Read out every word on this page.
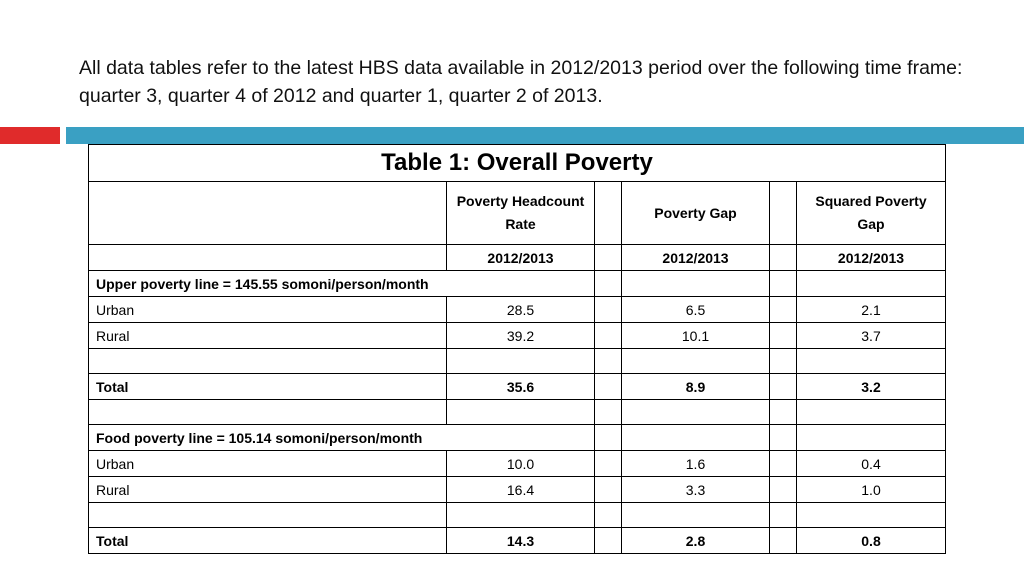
All data tables refer to the latest HBS data available in 2012/2013 period over the following time frame: quarter 3, quarter 4 of 2012 and quarter 1, quarter 2 of 2013.

Table 1: Overall Poverty					
	Poverty Headcount Rate		Poverty Gap		Squared Poverty Gap
	2012/2013		2012/2013		2012/2013
Upper poverty line = 145.55 somoni/person/month					
Urban	28.5		6.5		2.1
Rural	39.2		10.1		3.7

Total	35.6		8.9		3.2

Food poverty line = 105.14 somoni/person/month					
Urban	10.0		1.6		0.4
Rural	16.4		3.3		1.0

Total	14.3		2.8		0.8
